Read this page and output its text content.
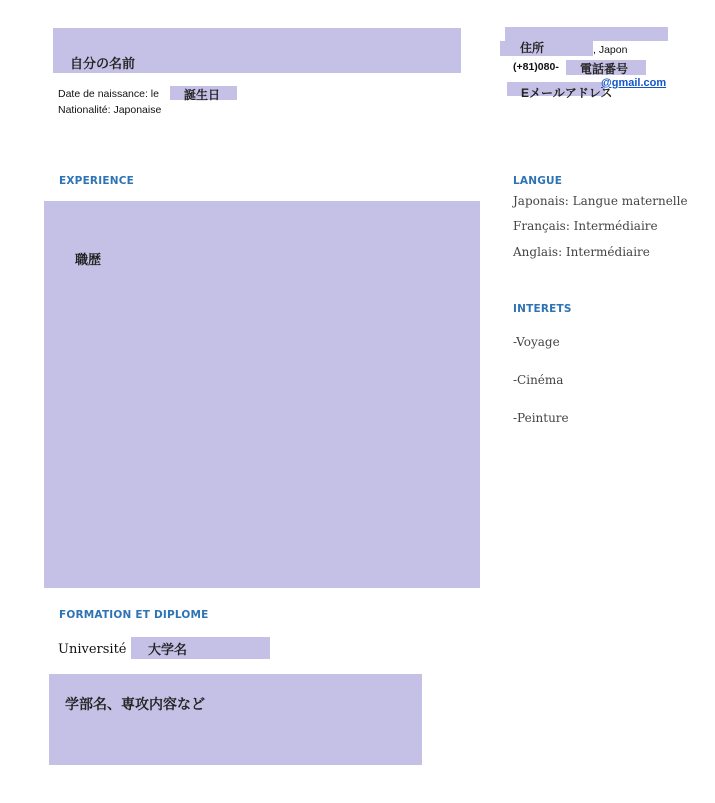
自分の名前
Date de naissance: le 誕生日
Nationalité: Japonaise
住所	, Japon
(+81)080- 電話番号
Eメールアドレス
@gmail.com
EXPERIENCE
職歴
LANGUE
Japonais: Langue maternelle
Français: Intermédiaire
Anglais: Intermédiaire
INTERETS
-Voyage
-Cinéma
-Peinture
FORMATION ET DIPLOME
Université 大学名
学部名、専攻内容など
